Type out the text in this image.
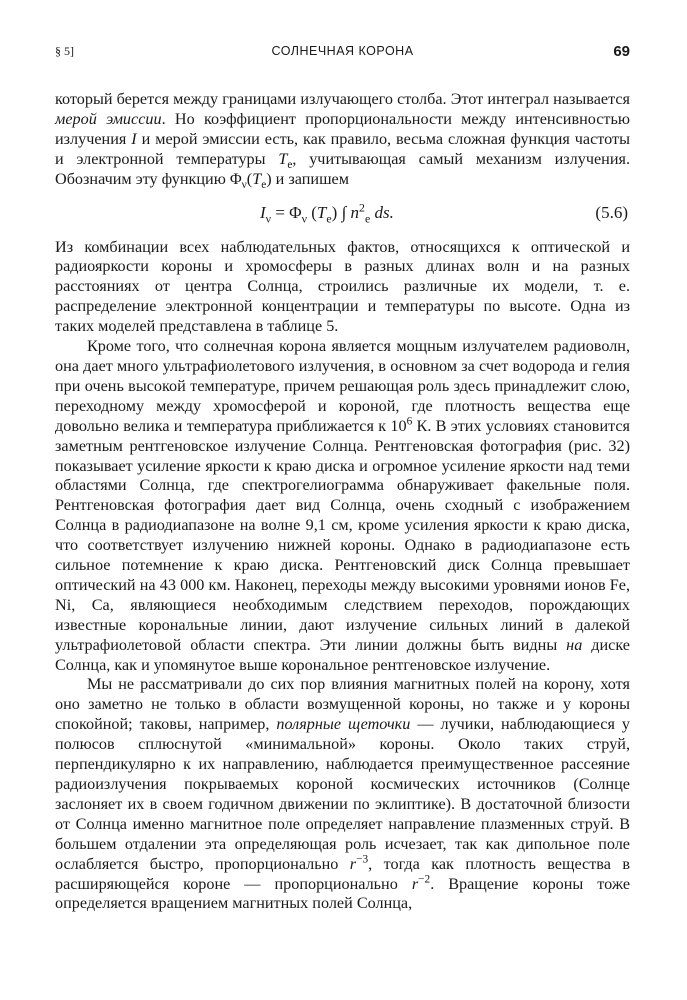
§ 5]	СОЛНЕЧНАЯ КОРОНА	69

который берется между границами излучающего столба. Этот интеграл называется мерой эмиссии. Но коэффициент пропорциональности между интенсивностью излучения I и мерой эмиссии есть, как правило, весьма сложная функция частоты и электронной температуры $T_e$, учитывающая самый механизм излучения. Обозначим эту функцию $\Phi_\nu(T_e)$ и запишем

$I_\nu = \Phi_\nu$ $(T_e)$ ∫ $n^2_e$ ds.	(5.6)

Из комбинации всех наблюдательных фактов, относящихся к оптической и радиояркости короны и хромосферы в разных длинах волн и на разных расстояниях от центра Солнца, строились различные их модели, т. е. распределение электронной концентрации и температуры по высоте. Одна из таких моделей представлена в таблице 5.

Кроме того, что солнечная корона является мощным излучателем радиоволн, она дает много ультрафиолетового излучения, в основном за счет водорода и гелия при очень высокой температуре, причем решающая роль здесь принадлежит слою, переходному между хромосферой и короной, где плотность вещества еще довольно велика и температура приближается к $10^6$ К. В этих условиях становится заметным рентгеновское излучение Солнца. Рентгеновская фотография (рис. 32) показывает усиление яркости к краю диска и огромное усиление яркости над теми областями Солнца, где спектрогелиограмма обнаруживает факельные поля. Рентгеновская фотография дает вид Солнца, очень сходный с изображением Солнца в радиодиапазоне на волне 9,1 см, кроме усиления яркости к краю диска, что соответствует излучению нижней короны. Однако в радиодиапазоне есть сильное потемнение к краю диска. Рентгеновский диск Солнца превышает оптический на 43 000 км. Наконец, переходы между высокими уровнями ионов Fe, Ni, Ca, являющиеся необходимым следствием переходов, порождающих известные корональные линии, дают излучение сильных линий в далекой ультрафиолетовой области спектра. Эти линии должны быть видны на диске Солнца, как и упомянутое выше корональное рентгеновское излучение.

Мы не рассматривали до сих пор влияния магнитных полей на корону, хотя оно заметно не только в области возмущенной короны, но также и у короны спокойной; таковы, например, полярные щеточки — лучики, наблюдающиеся у полюсов сплюснутой «минимальной» короны. Около таких струй, перпендикулярно к их направлению, наблюдается преимущественное рассеяние радиоизлучения покрываемых короной космических источников (Солнце заслоняет их в своем годичном движении по эклиптике). В достаточной близости от Солнца именно магнитное поле определяет направление плазменных струй. В большем отдалении эта определяющая роль исчезает, так как дипольное поле ослабляется быстро, пропорционально $r^{-3}$, тогда как плотность вещества в расширяющейся короне — пропорционально $r^{-2}$. Вращение короны тоже определяется вращением магнитных полей Солнца,
